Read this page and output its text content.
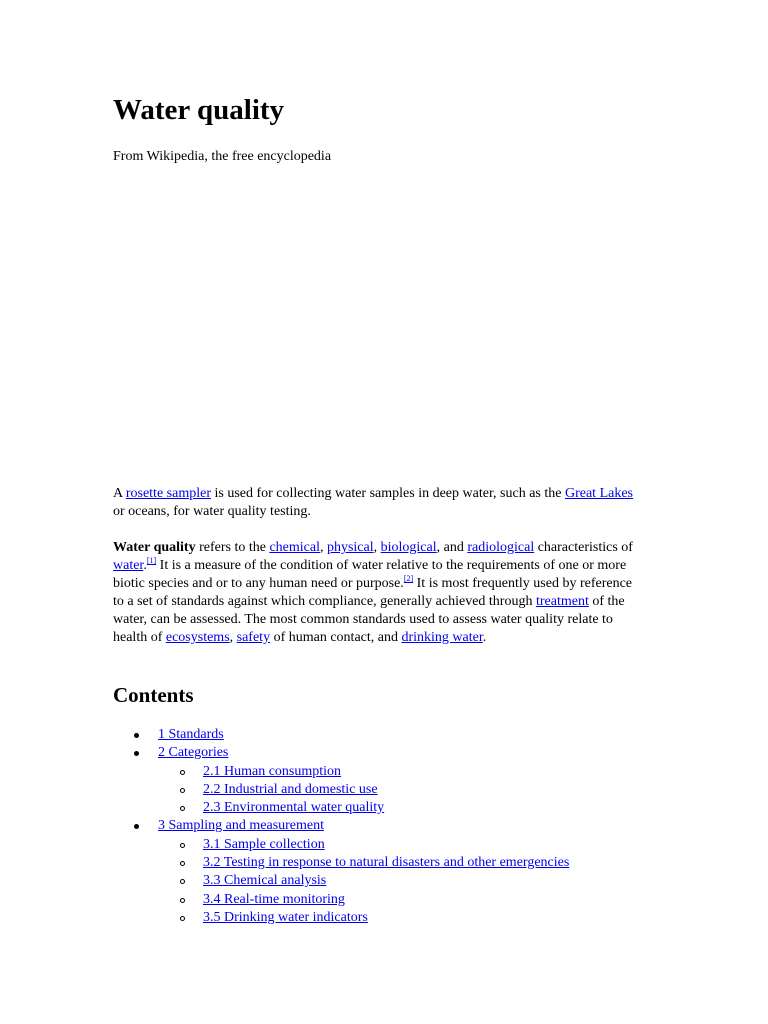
Water quality

From Wikipedia, the free encyclopedia

A rosette sampler is used for collecting water samples in deep water, such as the Great Lakes or oceans, for water quality testing.

Water quality refers to the chemical, physical, biological, and radiological characteristics of water.[1] It is a measure of the condition of water relative to the requirements of one or more biotic species and or to any human need or purpose.[2] It is most frequently used by reference to a set of standards against which compliance, generally achieved through treatment of the water, can be assessed. The most common standards used to assess water quality relate to health of ecosystems, safety of human contact, and drinking water.

Contents
1 Standards
2 Categories
2.1 Human consumption
2.2 Industrial and domestic use
2.3 Environmental water quality
3 Sampling and measurement
3.1 Sample collection
3.2 Testing in response to natural disasters and other emergencies
3.3 Chemical analysis
3.4 Real-time monitoring
3.5 Drinking water indicators
